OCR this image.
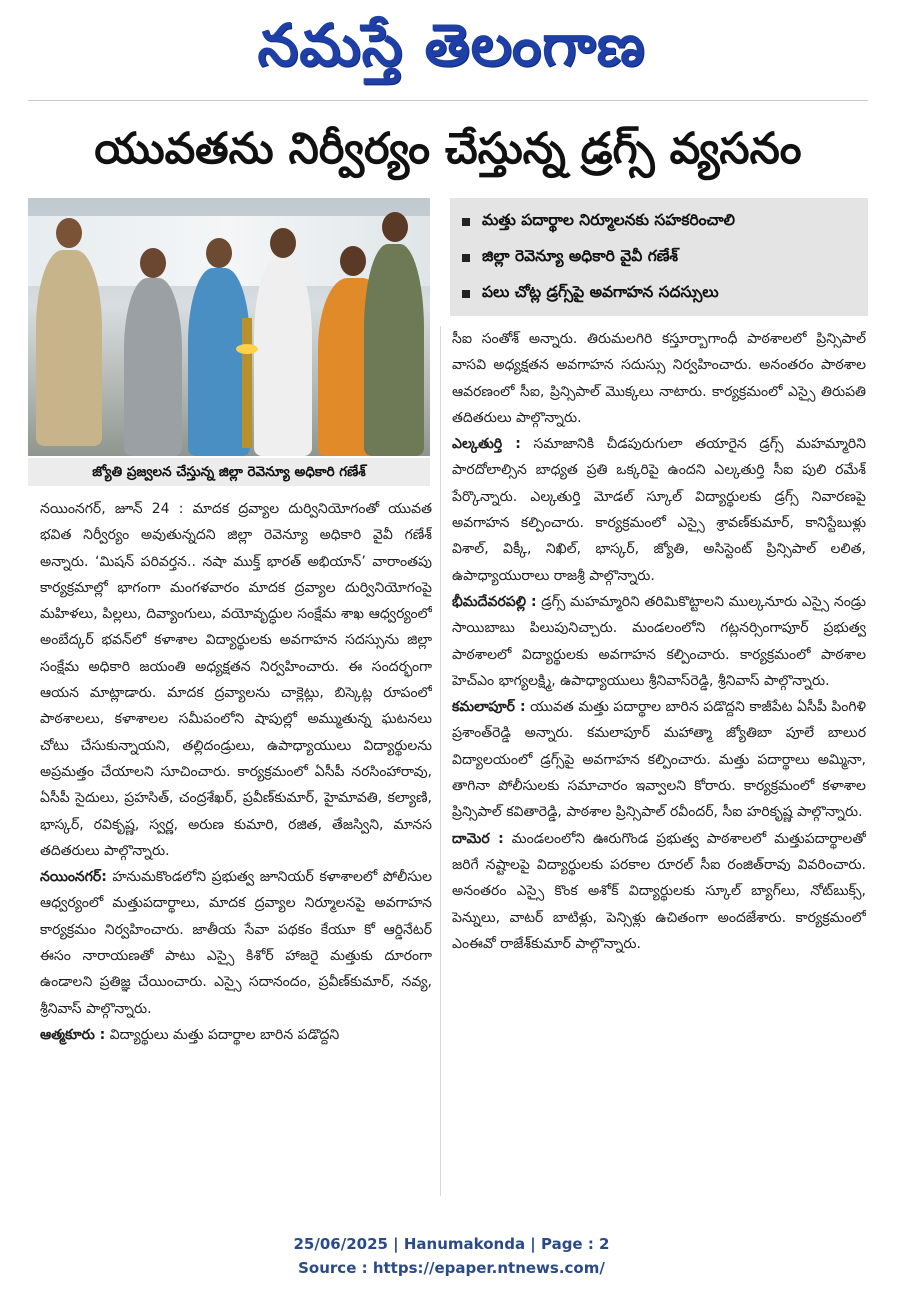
నమస్తే తెలంగాణ
యువతను నిర్వీర్యం చేస్తున్న డ్రగ్స్ వ్యసనం
జ్యోతి ప్రజ్వలన చేస్తున్న జిల్లా రెవెన్యూ అధికారి గణేశ్
మత్తు పదార్థాల నిర్మూలనకు సహకరించాలి
జిల్లా రెవెన్యూ అధికారి వైవీ గణేశ్
పలు చోట్ల డ్రగ్స్‌పై అవగాహన సదస్సులు

నయింనగర్, జూన్ 24 : మాదక ద్రవ్యాల దుర్వినియోగంతో యువత భవిత నిర్వీర్యం అవుతున్నదని జిల్లా రెవెన్యూ అధికారి వైవీ గణేశ్ అన్నారు. ‘మిషన్ పరివర్తన.. నషా ముక్త్ భారత్ అభియాన్’ వారాంతపు కార్యక్రమాల్లో భాగంగా మంగళవారం మాదక ద్రవ్యాల దుర్వినియోగంపై మహిళలు, పిల్లలు, దివ్యాంగులు, వయోవృద్ధుల సంక్షేమ శాఖ ఆధ్వర్యంలో అంబేద్కర్ భవన్‌లో కళాశాల విద్యార్థులకు అవగాహన సదస్సును జిల్లా సంక్షేమ అధికారి జయంతి అధ్యక్షతన నిర్వహించారు. ఈ సందర్భంగా ఆయన మాట్లాడారు. మాదక ద్రవ్యాలను చాక్లెట్లు, బిస్కెట్ల రూపంలో పాఠశాలలు, కళాశాలల సమీపంలోని షాపుల్లో అమ్ముతున్న ఘటనలు చోటు చేసుకున్నాయని, తల్లిదండ్రులు, ఉపాధ్యాయులు విద్యార్థులను అప్రమత్తం చేయాలని సూచించారు. కార్యక్రమంలో ఏసీపీ నరసింహారావు, ఏసీపీ సైదులు, ప్రహసిత్, చంద్రశేఖర్, ప్రవీణ్‌కుమార్, హైమావతి, కల్యాణి, భాస్కర్, రవికృష్ణ, స్వర్ణ, అరుణ కుమారి, రజిత, తేజస్విని, మానస తదితరులు పాల్గొన్నారు.

నయింనగర్: హనుమకొండలోని ప్రభుత్వ జూనియర్ కళాశాలలో పోలీసుల ఆధ్వర్యంలో మత్తుపదార్థాలు, మాదక ద్రవ్యాల నిర్మూలనపై అవగాహన కార్యక్రమం నిర్వహించారు. జాతీయ సేవా పథకం కేయూ కో ఆర్డినేటర్ ఈసం నారాయణతో పాటు ఎస్సై కిశోర్ హాజరై మత్తుకు దూరంగా ఉండాలని ప్రతిజ్ఞ చేయించారు. ఎస్సై సదానందం, ప్రవీణ్‌కుమార్, నవ్య, శ్రీనివాస్ పాల్గొన్నారు.

ఆత్మకూరు : విద్యార్థులు మత్తు పదార్థాల బారిన పడొద్దని

సీఐ సంతోశ్ అన్నారు. తిరుమలగిరి కస్తూర్బాగాంధీ పాఠశాలలో ప్రిన్సిపాల్ వాసవి అధ్యక్షతన అవగాహన సదుస్సు నిర్వహించారు. అనంతరం పాఠశాల ఆవరణంలో సీఐ, ప్రిన్సిపాల్ మొక్కలు నాటారు. కార్యక్రమంలో ఎస్సై తిరుపతి తదితరులు పాల్గొన్నారు.

ఎల్కతుర్తి : సమాజానికి చీడపురుగులా తయారైన డ్రగ్స్ మహమ్మారిని పారదోలాల్సిన బాధ్యత ప్రతి ఒక్కరిపై ఉందని ఎల్కతుర్తి సీఐ పులి రమేశ్ పేర్కొన్నారు. ఎల్కతుర్తి మోడల్ స్కూల్ విద్యార్థులకు డ్రగ్స్ నివారణపై అవగాహన కల్పించారు. కార్యక్రమంలో ఎస్సై శ్రావణ్‌కుమార్, కానిస్టేబుళ్లు విశాల్, విక్కీ, నిఖిల్, భాస్కర్, జ్యోతి, అసిస్టెంట్ ప్రిన్సిపాల్ లలిత, ఉపాధ్యాయురాలు రాజశ్రీ పాల్గొన్నారు.

భీమదేవరపల్లి : డ్రగ్స్ మహమ్మారిని తరిమికొట్టాలని ముల్కనూరు ఎస్సై నండ్రు సాయిబాబు పిలుపునిచ్చారు. మండలంలోని గట్లనర్సింగాపూర్ ప్రభుత్వ పాఠశాలలో విద్యార్థులకు అవగాహన కల్పించారు. కార్యక్రమంలో పాఠశాల హెచ్‌ఎం భాగ్యలక్ష్మి, ఉపాధ్యాయులు శ్రీనివాస్‌రెడ్డి, శ్రీనివాస్ పాల్గొన్నారు.

కమలాపూర్ : యువత మత్తు పదార్థాల బారిన పడొద్దని కాజీపేట ఏసీపీ పింగిళి ప్రశాంత్‌రెడ్డి అన్నారు. కమలాపూర్ మహాత్మా జ్యోతిబా పూలే బాలుర విద్యాలయంలో డ్రగ్స్‌పై అవగాహన కల్పించారు. మత్తు పదార్థాలు అమ్మినా, తాగినా పోలీసులకు సమాచారం ఇవ్వాలని కోరారు. కార్యక్రమంలో కళాశాల ప్రిన్సిపాల్ కవితారెడ్డి, పాఠశాల ప్రిన్సిపాల్ రవీందర్, సీఐ హరికృష్ణ పాల్గొన్నారు.

దామెర : మండలంలోని ఊరుగొండ ప్రభుత్వ పాఠశాలలో మత్తుపదార్థాలతో జరిగే నష్టాలపై విద్యార్థులకు పరకాల రూరల్ సీఐ రంజిత్‌రావు వివరించారు. అనంతరం ఎస్సై కొంక అశోక్ విద్యార్థులకు స్కూల్ బ్యాగ్‌లు, నోట్‌బుక్స్, పెన్నులు, వాటర్ బాటిళ్లు, పెన్సిళ్లు ఉచితంగా అందజేశారు. కార్యక్రమంలో ఎంఈవో రాజేశ్‌కుమార్ పాల్గొన్నారు.

25/06/2025 | Hanumakonda | Page : 2
Source : https://epaper.ntnews.com/
